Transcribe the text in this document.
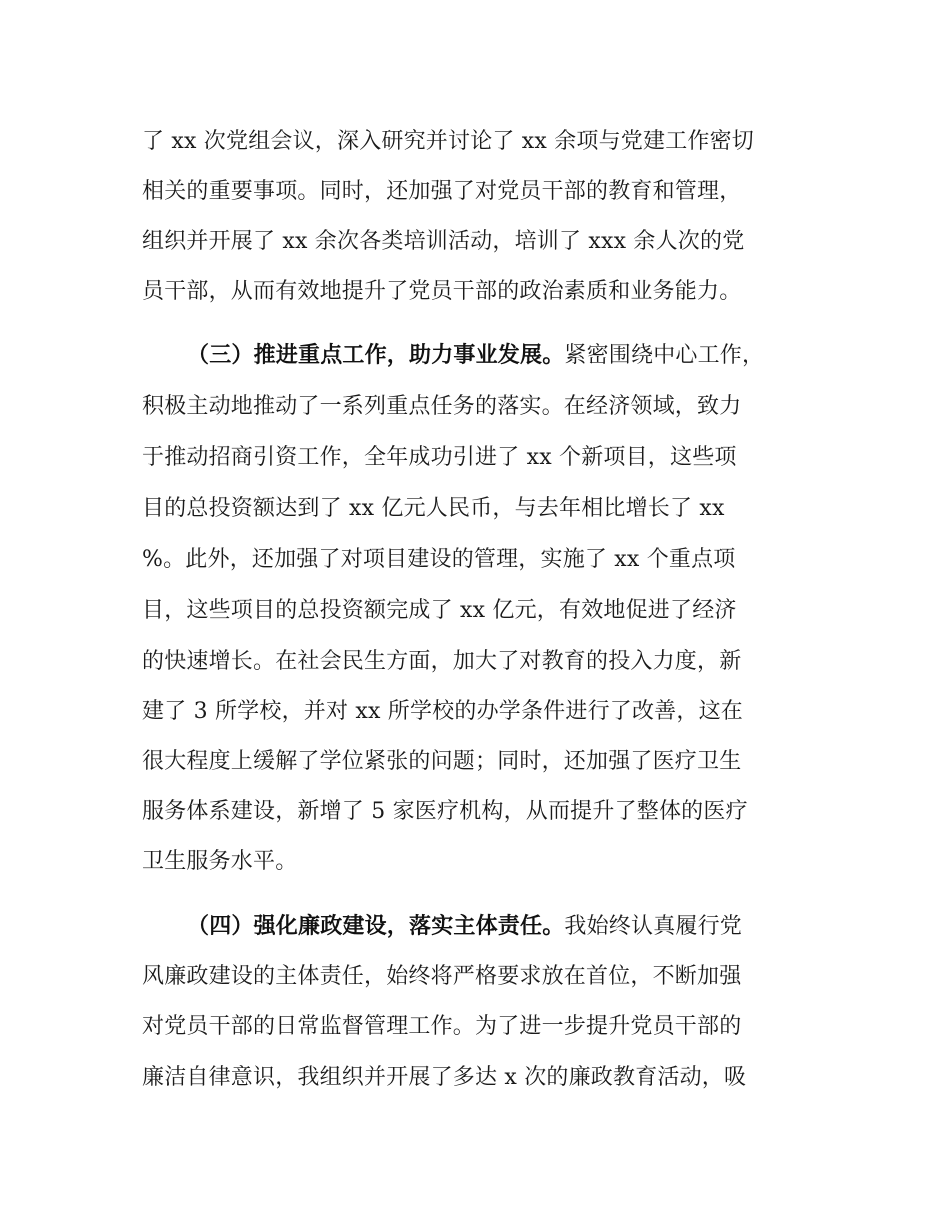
了 xx 次党组会议，深入研究并讨论了 xx 余项与党建工作密切
相关的重要事项。同时，还加强了对党员干部的教育和管理，
组织并开展了 xx 余次各类培训活动，培训了 xxx 余人次的党
员干部，从而有效地提升了党员干部的政治素质和业务能力。
（三）推进重点工作，助力事业发展。紧密围绕中心工作，
积极主动地推动了一系列重点任务的落实。在经济领域，致力
于推动招商引资工作，全年成功引进了 xx 个新项目，这些项
目的总投资额达到了 xx 亿元人民币，与去年相比增长了 xx
%。此外，还加强了对项目建设的管理，实施了 xx 个重点项
目，这些项目的总投资额完成了 xx 亿元，有效地促进了经济
的快速增长。在社会民生方面，加大了对教育的投入力度，新
建了 3 所学校，并对 xx 所学校的办学条件进行了改善，这在
很大程度上缓解了学位紧张的问题；同时，还加强了医疗卫生
服务体系建设，新增了 5 家医疗机构，从而提升了整体的医疗
卫生服务水平。
（四）强化廉政建设，落实主体责任。我始终认真履行党
风廉政建设的主体责任，始终将严格要求放在首位，不断加强
对党员干部的日常监督管理工作。为了进一步提升党员干部的
廉洁自律意识，我组织并开展了多达 x 次的廉政教育活动，吸
